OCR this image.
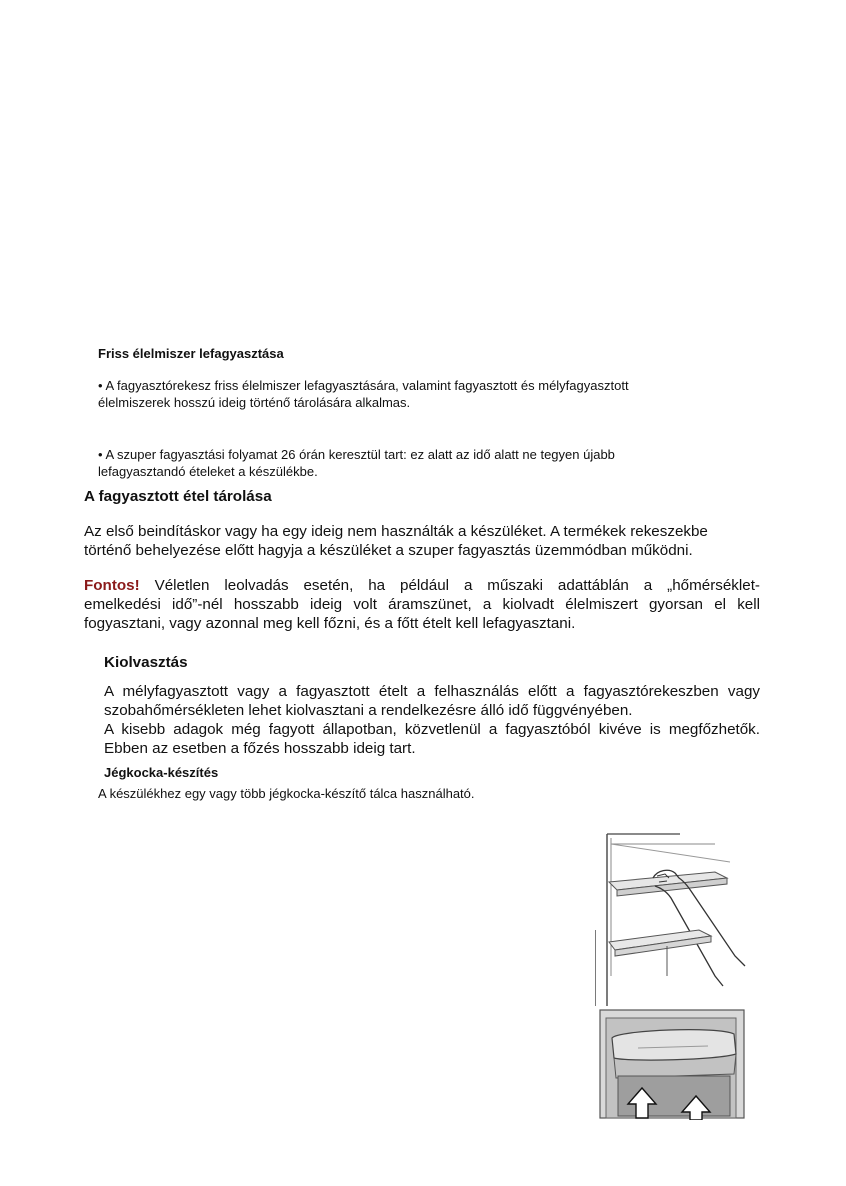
Friss élelmiszer lefagyasztása
• A fagyasztórekesz friss élelmiszer lefagyasztására, valamint fagyasztott és mélyfagyasztott
élelmiszerek hosszú ideig történő tárolására alkalmas.
• A szuper fagyasztási folyamat 26 órán keresztül tart: ez alatt az idő alatt ne tegyen újabb
lefagyasztandó ételeket a készülékbe.
A fagyasztott étel tárolása
Az első beindításkor vagy ha egy ideig nem használták a készüléket. A termékek rekeszekbe
történő behelyezése előtt hagyja a készüléket a szuper fagyasztás üzemmódban működni.
Fontos! Véletlen leolvadás esetén, ha például a műszaki adattáblán a „hőmérséklet-
emelkedési idő”-nél hosszabb ideig volt áramszünet, a kiolvadt élelmiszert gyorsan el kell
fogyasztani, vagy azonnal meg kell főzni, és a főtt ételt kell lefagyasztani.
Kiolvasztás
A mélyfagyasztott vagy a fagyasztott ételt a felhasználás előtt a fagyasztórekeszben vagy
szobahőmérsékleten lehet kiolvasztani a rendelkezésre álló idő függvényében.
A kisebb adagok még fagyott állapotban, közvetlenül a fagyasztóból kivéve is megfőzhetők.
Ebben az esetben a főzés hosszabb ideig tart.
Jégkocka-készítés
A készülékhez egy vagy több jégkocka-készítő tálca használható.
